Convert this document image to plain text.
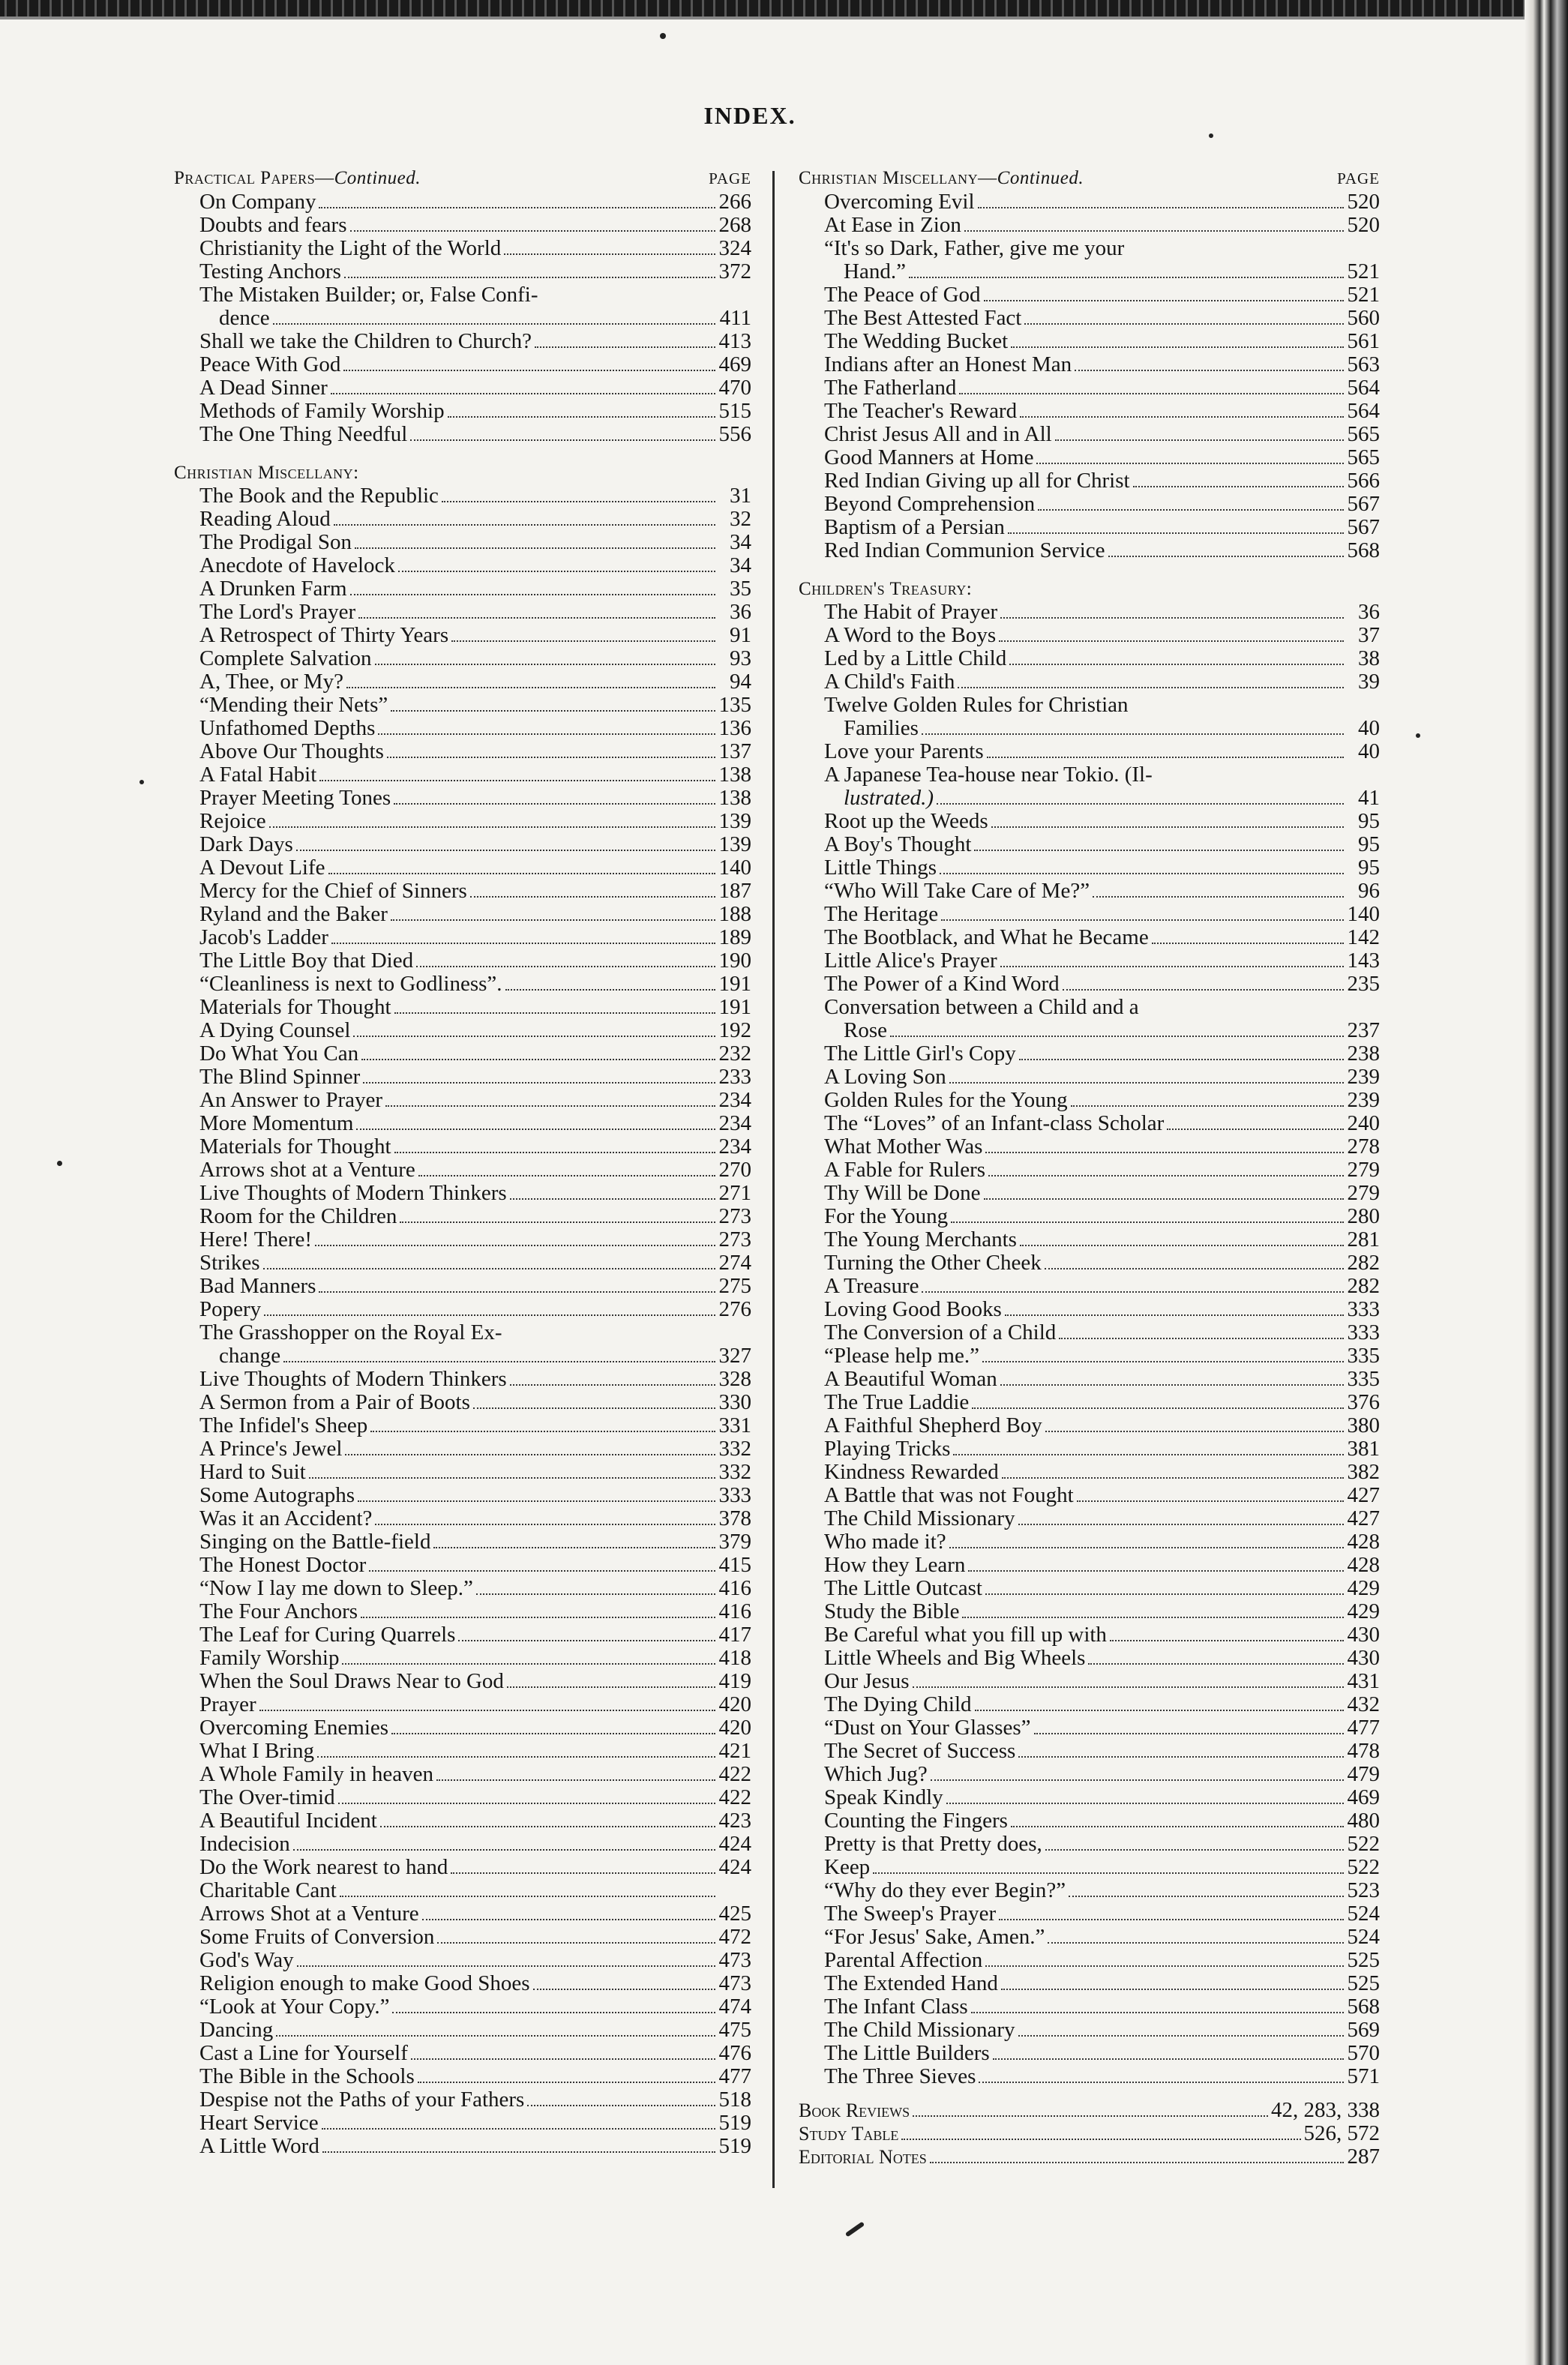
INDEX.
Practical Papers—Continued.	PAGE
On Company	266
Doubts and fears	268
Christianity the Light of the World	324
Testing Anchors	372
The Mistaken Builder; or, False Confi-
dence	411
Shall we take the Children to Church?	413
Peace With God	469
A Dead Sinner	470
Methods of Family Worship	515
The One Thing Needful	556
Christian Miscellany:
The Book and the Republic	31
Reading Aloud	32
The Prodigal Son	34
Anecdote of Havelock	34
A Drunken Farm	35
The Lord's Prayer	36
A Retrospect of Thirty Years	91
Complete Salvation	93
A, Thee, or My?	94
“Mending their Nets”	135
Unfathomed Depths	136
Above Our Thoughts	137
A Fatal Habit	138
Prayer Meeting Tones	138
Rejoice	139
Dark Days	139
A Devout Life	140
Mercy for the Chief of Sinners	187
Ryland and the Baker	188
Jacob's Ladder	189
The Little Boy that Died	190
“Cleanliness is next to Godliness”.	191
Materials for Thought	191
A Dying Counsel	192
Do What You Can	232
The Blind Spinner	233
An Answer to Prayer	234
More Momentum	234
Materials for Thought	234
Arrows shot at a Venture	270
Live Thoughts of Modern Thinkers	271
Room for the Children	273
Here! There!	273
Strikes	274
Bad Manners	275
Popery	276
The Grasshopper on the Royal Ex-
change	327
Live Thoughts of Modern Thinkers	328
A Sermon from a Pair of Boots	330
The Infidel's Sheep	331
A Prince's Jewel	332
Hard to Suit	332
Some Autographs	333
Was it an Accident?	378
Singing on the Battle-field	379
The Honest Doctor	415
“Now I lay me down to Sleep.”	416
The Four Anchors	416
The Leaf for Curing Quarrels	417
Family Worship	418
When the Soul Draws Near to God	419
Prayer	420
Overcoming Enemies	420
What I Bring	421
A Whole Family in heaven	422
The Over-timid	422
A Beautiful Incident	423
Indecision	424
Do the Work nearest to hand	424
Charitable Cant
Arrows Shot at a Venture	425
Some Fruits of Conversion	472
God's Way	473
Religion enough to make Good Shoes	473
“Look at Your Copy.”	474
Dancing	475
Cast a Line for Yourself	476
The Bible in the Schools	477
Despise not the Paths of your Fathers	518
Heart Service	519
A Little Word	519
Christian Miscellany—Continued.	PAGE
Overcoming Evil	520
At Ease in Zion	520
“It's so Dark, Father, give me your
Hand.”	521
The Peace of God	521
The Best Attested Fact	560
The Wedding Bucket	561
Indians after an Honest Man	563
The Fatherland	564
The Teacher's Reward	564
Christ Jesus All and in All	565
Good Manners at Home	565
Red Indian Giving up all for Christ	566
Beyond Comprehension	567
Baptism of a Persian	567
Red Indian Communion Service	568
Children's Treasury:
The Habit of Prayer	36
A Word to the Boys	37
Led by a Little Child	38
A Child's Faith	39
Twelve Golden Rules for Christian
Families	40
Love your Parents	40
A Japanese Tea-house near Tokio. (Il-
lustrated.)	41
Root up the Weeds	95
A Boy's Thought	95
Little Things	95
“Who Will Take Care of Me?”	96
The Heritage	140
The Bootblack, and What he Became	142
Little Alice's Prayer	143
The Power of a Kind Word	235
Conversation between a Child and a
Rose	237
The Little Girl's Copy	238
A Loving Son	239
Golden Rules for the Young	239
The “Loves” of an Infant-class Scholar	240
What Mother Was	278
A Fable for Rulers	279
Thy Will be Done	279
For the Young	280
The Young Merchants	281
Turning the Other Cheek	282
A Treasure	282
Loving Good Books	333
The Conversion of a Child	333
“Please help me.”	335
A Beautiful Woman	335
The True Laddie	376
A Faithful Shepherd Boy	380
Playing Tricks	381
Kindness Rewarded	382
A Battle that was not Fought	427
The Child Missionary	427
Who made it?	428
How they Learn	428
The Little Outcast	429
Study the Bible	429
Be Careful what you fill up with	430
Little Wheels and Big Wheels	430
Our Jesus	431
The Dying Child	432
“Dust on Your Glasses”	477
The Secret of Success	478
Which Jug?	479
Speak Kindly	469
Counting the Fingers	480
Pretty is that Pretty does,	522
Keep	522
“Why do they ever Begin?”	523
The Sweep's Prayer	524
“For Jesus' Sake, Amen.”	524
Parental Affection	525
The Extended Hand	525
The Infant Class	568
The Child Missionary	569
The Little Builders	570
The Three Sieves	571
Book Reviews	42, 283, 338
Study Table	526, 572
Editorial Notes	287
